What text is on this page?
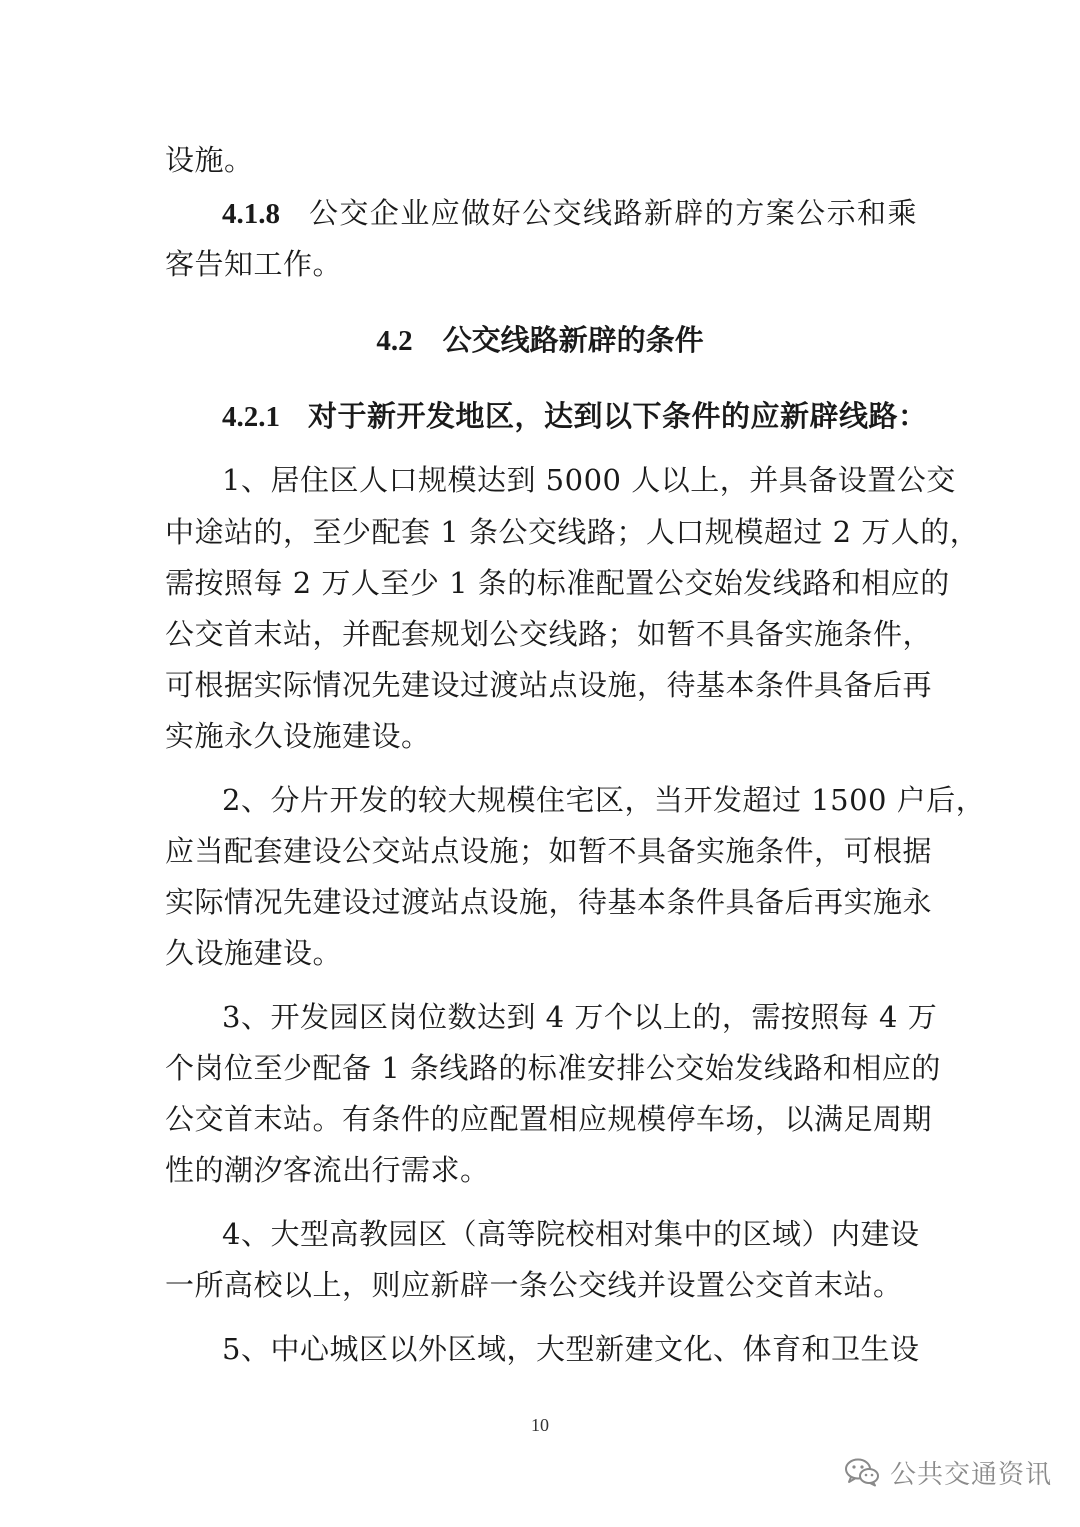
设施。
4.1.8 公交企业应做好公交线路新辟的方案公示和乘
客告知工作。
4.2 公交线路新辟的条件
4.2.1 对于新开发地区，达到以下条件的应新辟线路：
1、居住区人口规模达到 5000 人以上，并具备设置公交
中途站的，至少配套 1 条公交线路；人口规模超过 2 万人的，
需按照每 2 万人至少 1 条的标准配置公交始发线路和相应的
公交首末站，并配套规划公交线路；如暂不具备实施条件，
可根据实际情况先建设过渡站点设施，待基本条件具备后再
实施永久设施建设。
2、分片开发的较大规模住宅区，当开发超过 1500 户后，
应当配套建设公交站点设施；如暂不具备实施条件，可根据
实际情况先建设过渡站点设施，待基本条件具备后再实施永
久设施建设。
3、开发园区岗位数达到 4 万个以上的，需按照每 4 万
个岗位至少配备 1 条线路的标准安排公交始发线路和相应的
公交首末站。有条件的应配置相应规模停车场，以满足周期
性的潮汐客流出行需求。
4、大型高教园区（高等院校相对集中的区域）内建设
一所高校以上，则应新辟一条公交线并设置公交首末站。
5、中心城区以外区域，大型新建文化、体育和卫生设
10
公共交通资讯
